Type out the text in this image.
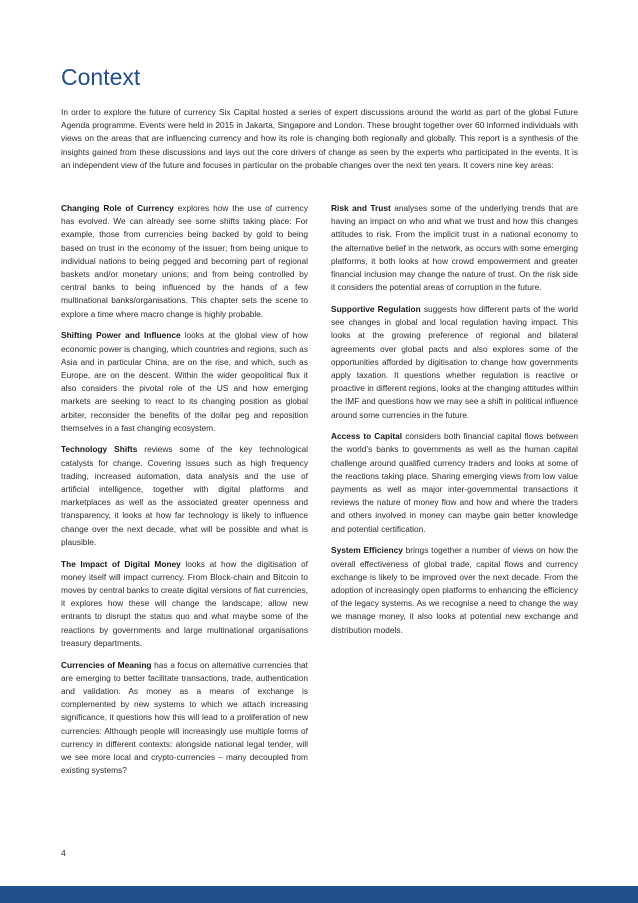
Context

In order to explore the future of currency Six Capital hosted a series of expert discussions around the world as part of the global Future Agenda programme. Events were held in 2015 in Jakarta, Singapore and London. These brought together over 60 informed individuals with views on the areas that are influencing currency and how its role is changing both regionally and globally. This report is a synthesis of the insights gained from these discussions and lays out the core drivers of change as seen by the experts who participated in the events. It is an independent view of the future and focuses in particular on the probable changes over the next ten years. It covers nine key areas:

Changing Role of Currency explores how the use of currency has evolved. We can already see some shifts taking place: For example, those from currencies being backed by gold to being based on trust in the economy of the issuer; from being unique to individual nations to being pegged and becoming part of regional baskets and/or monetary unions; and from being controlled by central banks to being influenced by the hands of a few multinational banks/organisations. This chapter sets the scene to explore a time where macro change is highly probable.

Shifting Power and Influence looks at the global view of how economic power is changing, which countries and regions, such as Asia and in particular China, are on the rise, and which, such as Europe, are on the descent. Within the wider geopolitical flux it also considers the pivotal role of the US and how emerging markets are seeking to react to its changing position as global arbiter, reconsider the benefits of the dollar peg and reposition themselves in a fast changing ecosystem.

Technology Shifts reviews some of the key technological catalysts for change. Covering issues such as high frequency trading, increased automation, data analysis and the use of artificial intelligence, together with digital platforms and marketplaces as well as the associated greater openness and transparency, it looks at how far technology is likely to influence change over the next decade, what will be possible and what is plausible.

The Impact of Digital Money looks at how the digitisation of money itself will impact currency. From Block-chain and Bitcoin to moves by central banks to create digital versions of fiat currencies, it explores how these will change the landscape; allow new entrants to disrupt the status quo and what maybe some of the reactions by governments and large multinational organisations treasury departments.

Currencies of Meaning has a focus on alternative currencies that are emerging to better facilitate transactions, trade, authentication and validation. As money as a means of exchange is complemented by new systems to which we attach increasing significance, it questions how this will lead to a proliferation of new currencies: Although people will increasingly use multiple forms of currency in different contexts: alongside national legal tender, will we see more local and crypto-currencies – many decoupled from existing systems?

Risk and Trust analyses some of the underlying trends that are having an impact on who and what we trust and how this changes attitudes to risk. From the implicit trust in a national economy to the alternative belief in the network, as occurs with some emerging platforms, it both looks at how crowd empowerment and greater financial inclusion may change the nature of trust. On the risk side it considers the potential areas of corruption in the future.

Supportive Regulation suggests how different parts of the world see changes in global and local regulation having impact. This looks at the growing preference of regional and bilateral agreements over global pacts and also explores some of the opportunities afforded by digitisation to change how governments apply taxation. It questions whether regulation is reactive or proactive in different regions, looks at the changing attitudes within the IMF and questions how we may see a shift in political influence around some currencies in the future.

Access to Capital considers both financial capital flows between the world’s banks to governments as well as the human capital challenge around qualified currency traders and looks at some of the reactions taking place. Sharing emerging views from low value payments as well as major inter-governmental transactions it reviews the nature of money flow and how and where the traders and others involved in money can maybe gain better knowledge and potential certification.

System Efficiency brings together a number of views on how the overall effectiveness of global trade, capital flows and currency exchange is likely to be improved over the next decade. From the adoption of increasingly open platforms to enhancing the efficiency of the legacy systems. As we recognise a need to change the way we manage money, it also looks at potential new exchange and distribution models.

4
